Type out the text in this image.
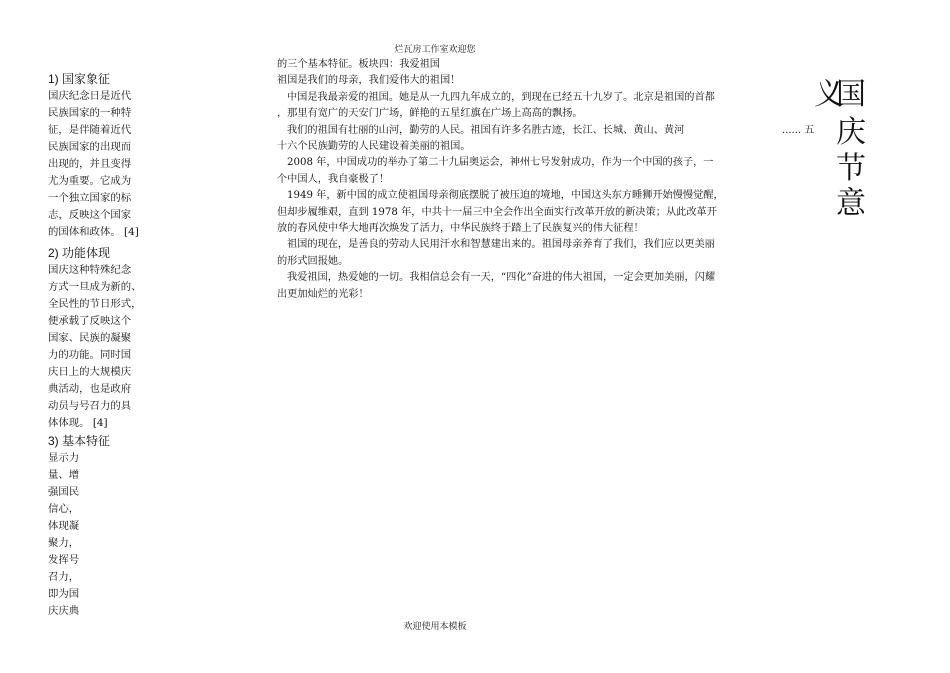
烂瓦房工作室欢迎您
1) 国家象征
国庆纪念日是近代
民族国家的一种特
征，是伴随着近代
民族国家的出现而
出现的，并且变得
尤为重要。它成为
一个独立国家的标
志，反映这个国家
的国体和政体。 [4]
2) 功能体现
国庆这种特殊纪念
方式一旦成为新的、
全民性的节日形式，
便承载了反映这个
国家、民族的凝聚
力的功能。同时国
庆日上的大规模庆
典活动，也是政府
动员与号召力的具
体体现。 [4]
3) 基本特征
显示力
量、增
强国民
信心，
体现凝
聚力，
发挥号
召力，
即为国
庆庆典
的三个基本特征。板块四：我爱祖国
祖国是我们的母亲，我们爱伟大的祖国！
中国是我最亲爱的祖国。她是从一九四九年成立的，到现在已经五十九岁了。北京是祖国的首都
，那里有宽广的天安门广场，鲜艳的五星红旗在广场上高高的飘扬。
我们的祖国有壮丽的山河，勤劳的人民。祖国有许多名胜古迹，长江、长城、黄山、黄河
十六个民族勤劳的人民建设着美丽的祖国。
2008 年，中国成功的举办了第二十九届奥运会，神州七号发射成功，作为一个中国的孩子，一
个中国人，我自豪极了！
1949 年，新中国的成立使祖国母亲彻底摆脱了被压迫的境地，中国这头东方睡狮开始慢慢觉醒，
但却步履维艰，直到 1978 年，中共十一届三中全会作出全面实行改革开放的新决策；从此改革开
放的春风使中华大地再次焕发了活力，中华民族终于踏上了民族复兴的伟大征程！
祖国的现在，是善良的劳动人民用汗水和智慧建出来的。祖国母亲养育了我们，我们应以更美丽
的形式回报她。
我爱祖国，热爱她的一切。我相信总会有一天，“四化”奋进的伟大祖国，一定会更加美丽，闪耀
出更加灿烂的光彩！
...... 五
义
国
庆
节
意
欢迎使用本模板
